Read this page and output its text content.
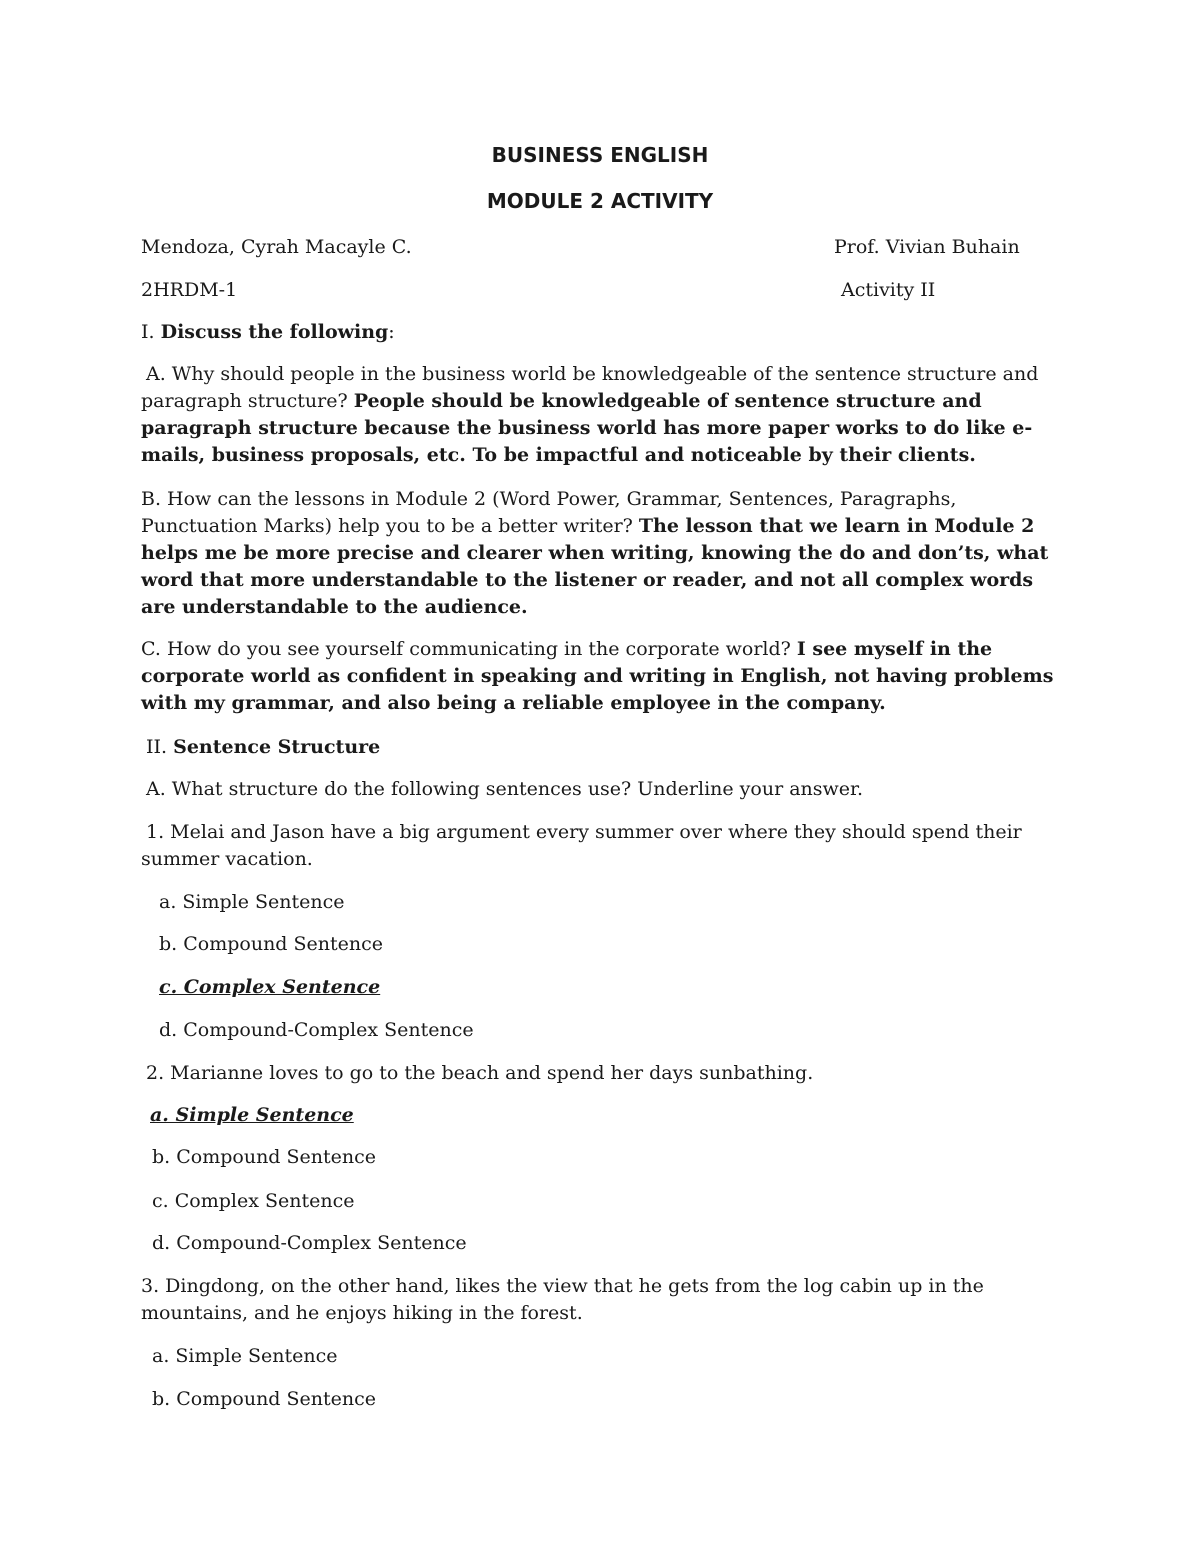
BUSINESS ENGLISH
MODULE 2 ACTIVITY
Mendoza, Cyrah Macayle C.	Prof. Vivian Buhain
2HRDM-1	Activity II
I. Discuss the following:
A. Why should people in the business world be knowledgeable of the sentence structure and paragraph structure? People should be knowledgeable of sentence structure and paragraph structure because the business world has more paper works to do like e-mails, business proposals, etc. To be impactful and noticeable by their clients.
B. How can the lessons in Module 2 (Word Power, Grammar, Sentences, Paragraphs, Punctuation Marks) help you to be a better writer? The lesson that we learn in Module 2 helps me be more precise and clearer when writing, knowing the do and don’ts, what word that more understandable to the listener or reader, and not all complex words are understandable to the audience.
C. How do you see yourself communicating in the corporate world? I see myself in the corporate world as confident in speaking and writing in English, not having problems with my grammar, and also being a reliable employee in the company.
II. Sentence Structure
A. What structure do the following sentences use? Underline your answer.
1. Melai and Jason have a big argument every summer over where they should spend their summer vacation.
a. Simple Sentence
b. Compound Sentence
c. Complex Sentence
d. Compound-Complex Sentence
2. Marianne loves to go to the beach and spend her days sunbathing.
a. Simple Sentence
b. Compound Sentence
c. Complex Sentence
d. Compound-Complex Sentence
3. Dingdong, on the other hand, likes the view that he gets from the log cabin up in the mountains, and he enjoys hiking in the forest.
a. Simple Sentence
b. Compound Sentence
